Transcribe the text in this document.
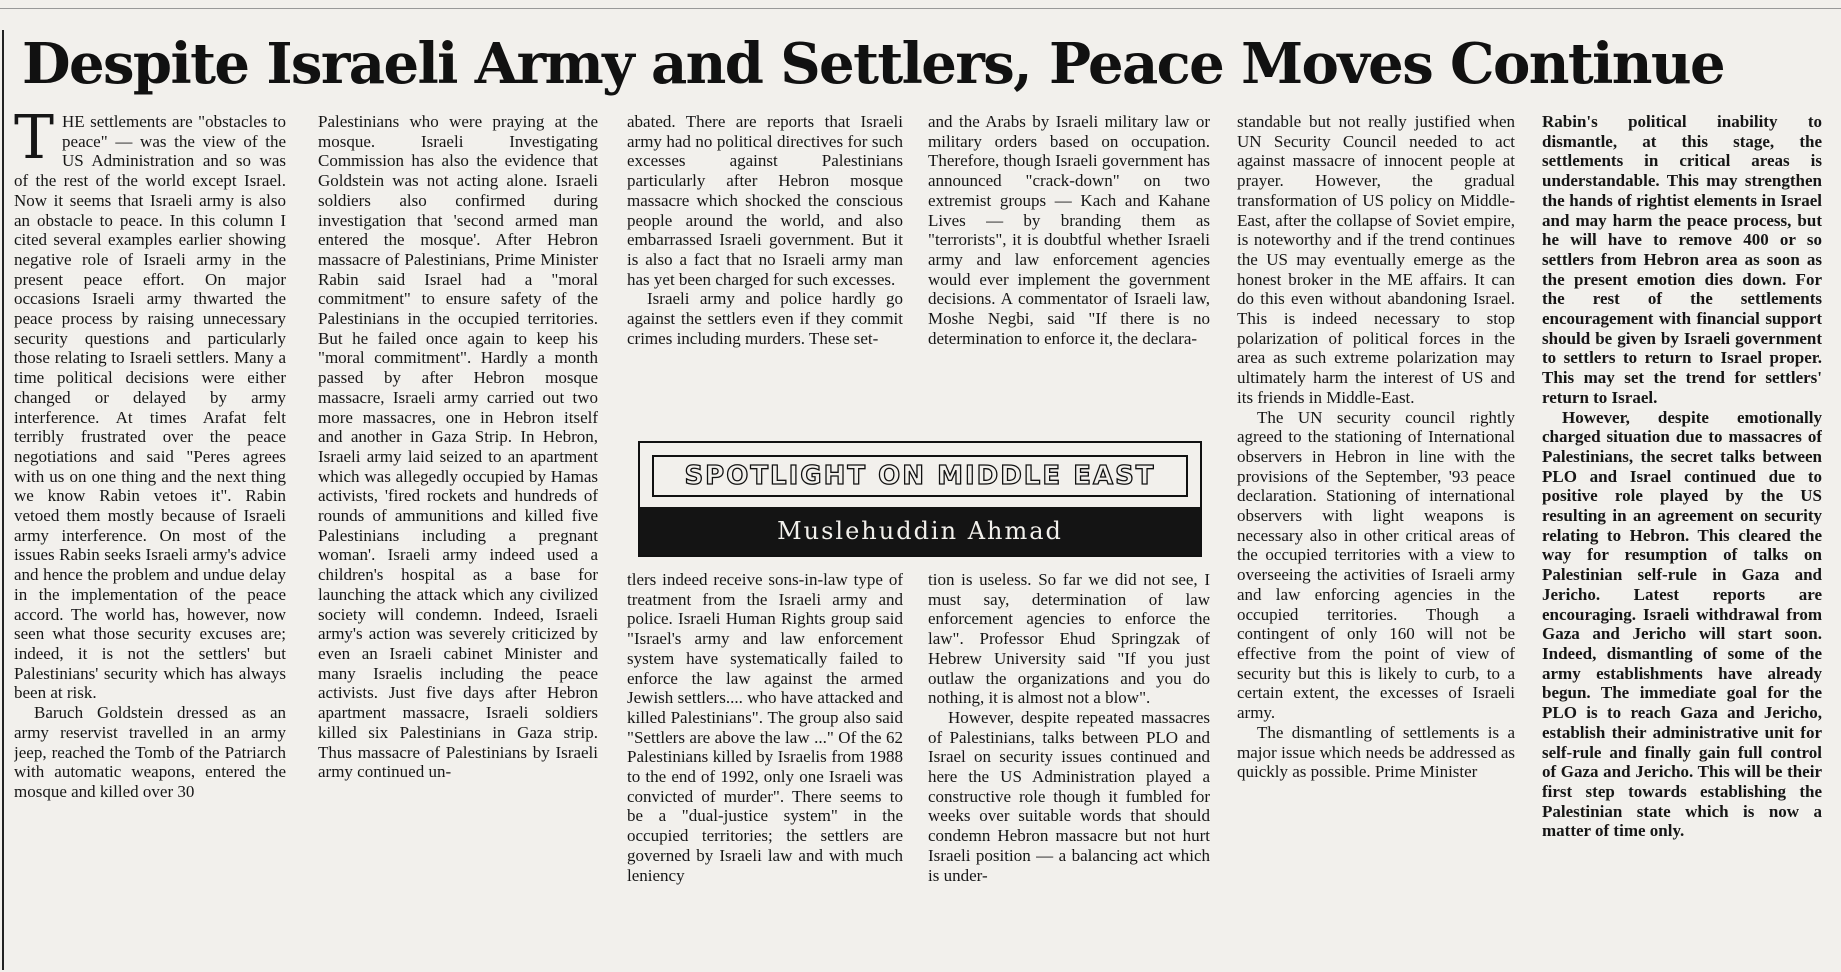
Despite Israeli Army and Settlers, Peace Moves Continue

THE settlements are "obstacles to peace" — was the view of the US Administration and so was of the rest of the world except Israel. Now it seems that Israeli army is also an obstacle to peace. In this column I cited several examples earlier showing negative role of Israeli army in the present peace effort. On major occasions Israeli army thwarted the peace process by raising unnecessary security questions and particularly those relating to Israeli settlers. Many a time political decisions were either changed or delayed by army interference. At times Arafat felt terribly frustrated over the peace negotiations and said "Peres agrees with us on one thing and the next thing we know Rabin vetoes it". Rabin vetoed them mostly because of Israeli army interference. On most of the issues Rabin seeks Israeli army's advice and hence the problem and undue delay in the implementation of the peace accord. The world has, however, now seen what those security excuses are; indeed, it is not the settlers' but Palestinians' security which has always been at risk.

Baruch Goldstein dressed as an army reservist travelled in an army jeep, reached the Tomb of the Patriarch with automatic weapons, entered the mosque and killed over 30

Palestinians who were praying at the mosque. Israeli Investigating Commission has also the evidence that Goldstein was not acting alone. Israeli soldiers also confirmed during investigation that 'second armed man entered the mosque'. After Hebron massacre of Palestinians, Prime Minister Rabin said Israel had a "moral commitment" to ensure safety of the Palestinians in the occupied territories. But he failed once again to keep his "moral commitment". Hardly a month passed by after Hebron mosque massacre, Israeli army carried out two more massacres, one in Hebron itself and another in Gaza Strip. In Hebron, Israeli army laid seized to an apartment which was allegedly occupied by Hamas activists, 'fired rockets and hundreds of rounds of ammunitions and killed five Palestinians including a pregnant woman'. Israeli army indeed used a children's hospital as a base for launching the attack which any civilized society will condemn. Indeed, Israeli army's action was severely criticized by even an Israeli cabinet Minister and many Israelis including the peace activists. Just five days after Hebron apartment massacre, Israeli soldiers killed six Palestinians in Gaza strip. Thus massacre of Palestinians by Israeli army continued un-

abated. There are reports that Israeli army had no political directives for such excesses against Palestinians particularly after Hebron mosque massacre which shocked the conscious people around the world, and also embarrassed Israeli government. But it is also a fact that no Israeli army man has yet been charged for such excesses.

Israeli army and police hardly go against the settlers even if they commit crimes including murders. These set-

and the Arabs by Israeli military law or military orders based on occupation. Therefore, though Israeli government has announced "crack-down" on two extremist groups — Kach and Kahane Lives — by branding them as "terrorists", it is doubtful whether Israeli army and law enforcement agencies would ever implement the government decisions. A commentator of Israeli law, Moshe Negbi, said "If there is no determination to enforce it, the declara-

SPOTLIGHT ON MIDDLE EAST
Muslehuddin Ahmad

tlers indeed receive sons-in-law type of treatment from the Israeli army and police. Israeli Human Rights group said "Israel's army and law enforcement system have systematically failed to enforce the law against the armed Jewish settlers.... who have attacked and killed Palestinians". The group also said "Settlers are above the law ..." Of the 62 Palestinians killed by Israelis from 1988 to the end of 1992, only one Israeli was convicted of murder". There seems to be a "dual-justice system" in the occupied territories; the settlers are governed by Israeli law and with much leniency

tion is useless. So far we did not see, I must say, determination of law enforcement agencies to enforce the law". Professor Ehud Springzak of Hebrew University said "If you just outlaw the organizations and you do nothing, it is almost not a blow".

However, despite repeated massacres of Palestinians, talks between PLO and Israel on security issues continued and here the US Administration played a constructive role though it fumbled for weeks over suitable words that should condemn Hebron massacre but not hurt Israeli position — a balancing act which is under-

standable but not really justified when UN Security Council needed to act against massacre of innocent people at prayer. However, the gradual transformation of US policy on Middle-East, after the collapse of Soviet empire, is noteworthy and if the trend continues the US may eventually emerge as the honest broker in the ME affairs. It can do this even without abandoning Israel. This is indeed necessary to stop polarization of political forces in the area as such extreme polarization may ultimately harm the interest of US and its friends in Middle-East.

The UN security council rightly agreed to the stationing of International observers in Hebron in line with the provisions of the September, '93 peace declaration. Stationing of international observers with light weapons is necessary also in other critical areas of the occupied territories with a view to overseeing the activities of Israeli army and law enforcing agencies in the occupied territories. Though a contingent of only 160 will not be effective from the point of view of security but this is likely to curb, to a certain extent, the excesses of Israeli army.

The dismantling of settlements is a major issue which needs be addressed as quickly as possible. Prime Minister

Rabin's political inability to dismantle, at this stage, the settlements in critical areas is understandable. This may strengthen the hands of rightist elements in Israel and may harm the peace process, but he will have to remove 400 or so settlers from Hebron area as soon as the present emotion dies down. For the rest of the settlements encouragement with financial support should be given by Israeli government to settlers to return to Israel proper. This may set the trend for settlers' return to Israel.

However, despite emotionally charged situation due to massacres of Palestinians, the secret talks between PLO and Israel continued due to positive role played by the US resulting in an agreement on security relating to Hebron. This cleared the way for resumption of talks on Palestinian self-rule in Gaza and Jericho. Latest reports are encouraging. Israeli withdrawal from Gaza and Jericho will start soon. Indeed, dismantling of some of the army establishments have already begun. The immediate goal for the PLO is to reach Gaza and Jericho, establish their administrative unit for self-rule and finally gain full control of Gaza and Jericho. This will be their first step towards establishing the Palestinian state which is now a matter of time only.
